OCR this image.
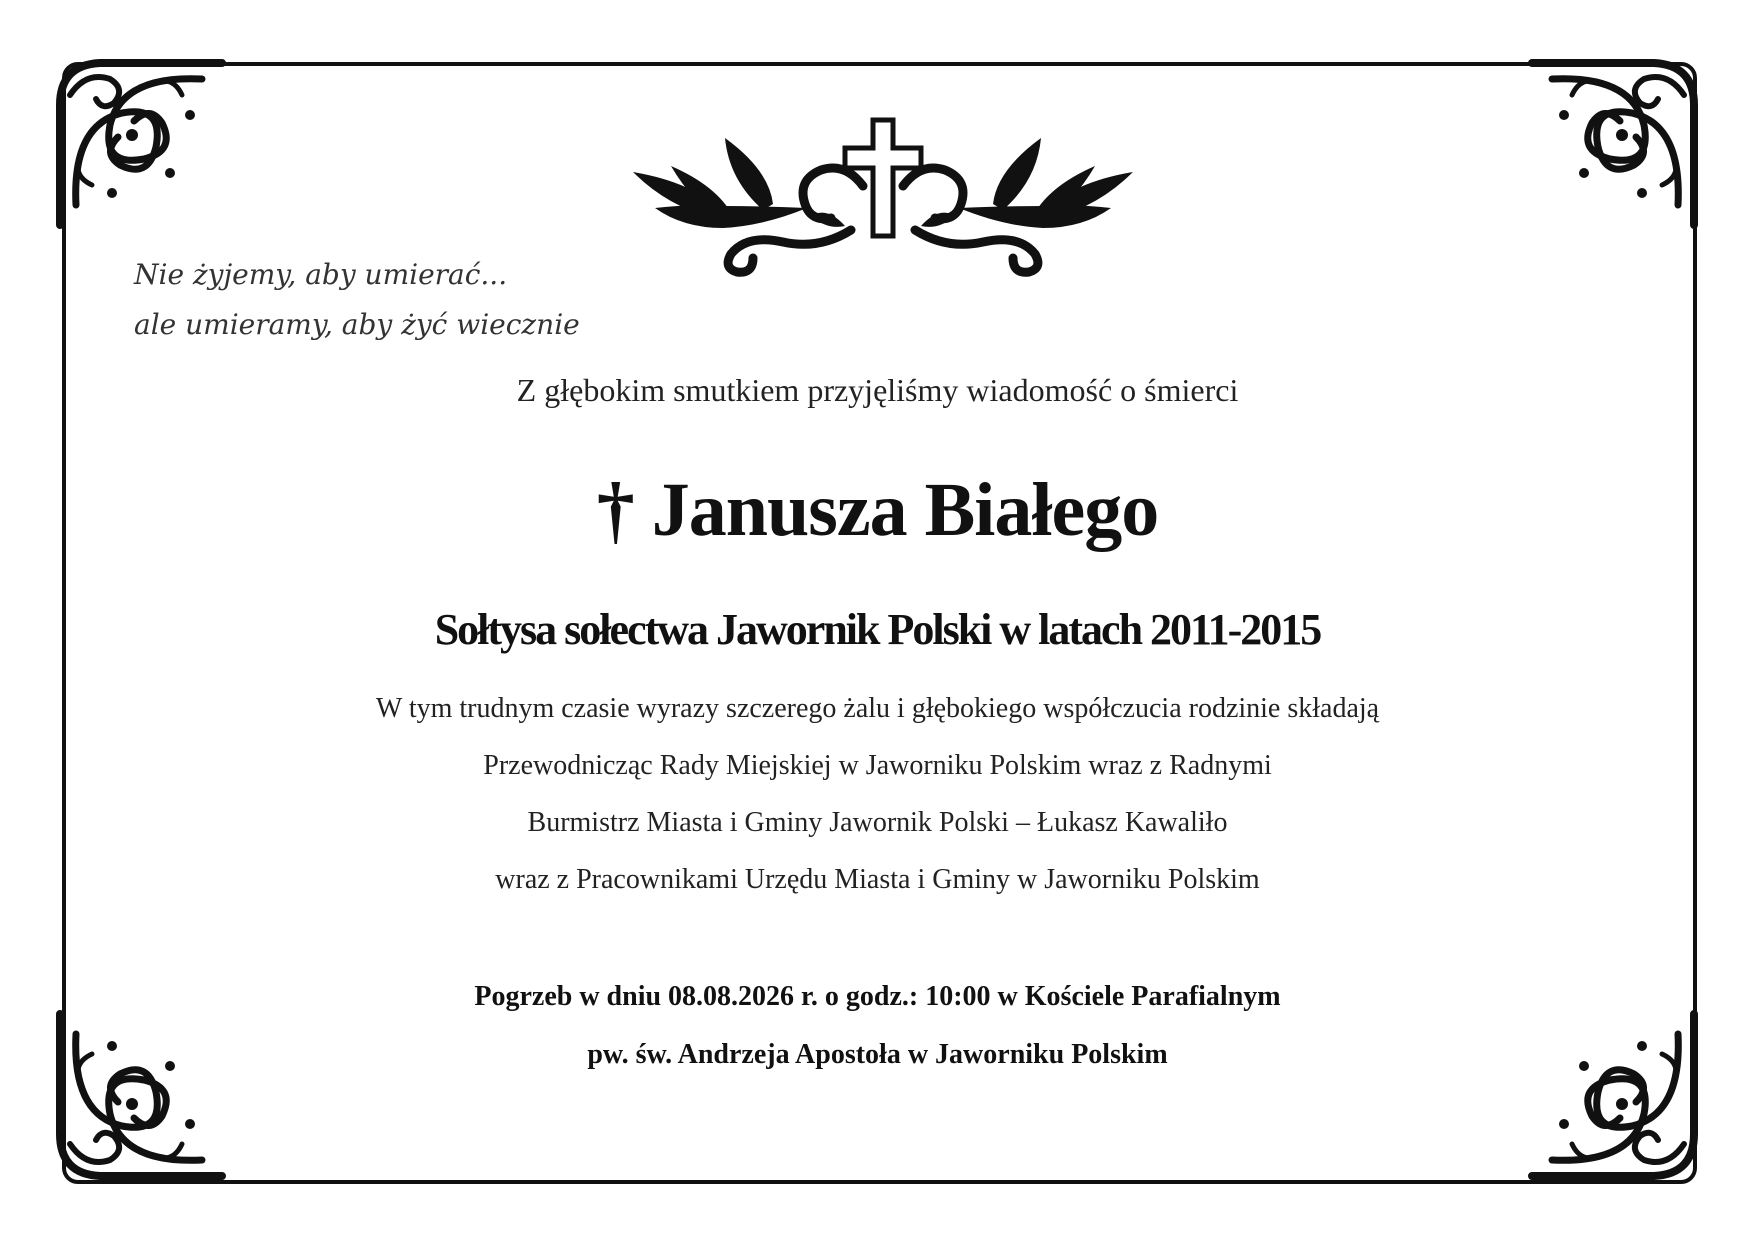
Nie żyjemy, aby umierać...
ale umieramy, aby żyć wiecznie
Z głębokim smutkiem przyjęliśmy wiadomość o śmierci
† Janusza Białego
Sołtysa sołectwa Jawornik Polski w latach 2011-2015
W tym trudnym czasie wyrazy szczerego żalu i głębokiego współczucia rodzinie składają
Przewodnicząc Rady Miejskiej w Jaworniku Polskim wraz z Radnymi
Burmistrz Miasta i Gminy Jawornik Polski – Łukasz Kawaliło
wraz z Pracownikami Urzędu Miasta i Gminy w Jaworniku Polskim
Pogrzeb w dniu 08.08.2026 r. o godz.: 10:00 w Kościele Parafialnym
pw. św. Andrzeja Apostoła w Jaworniku Polskim
